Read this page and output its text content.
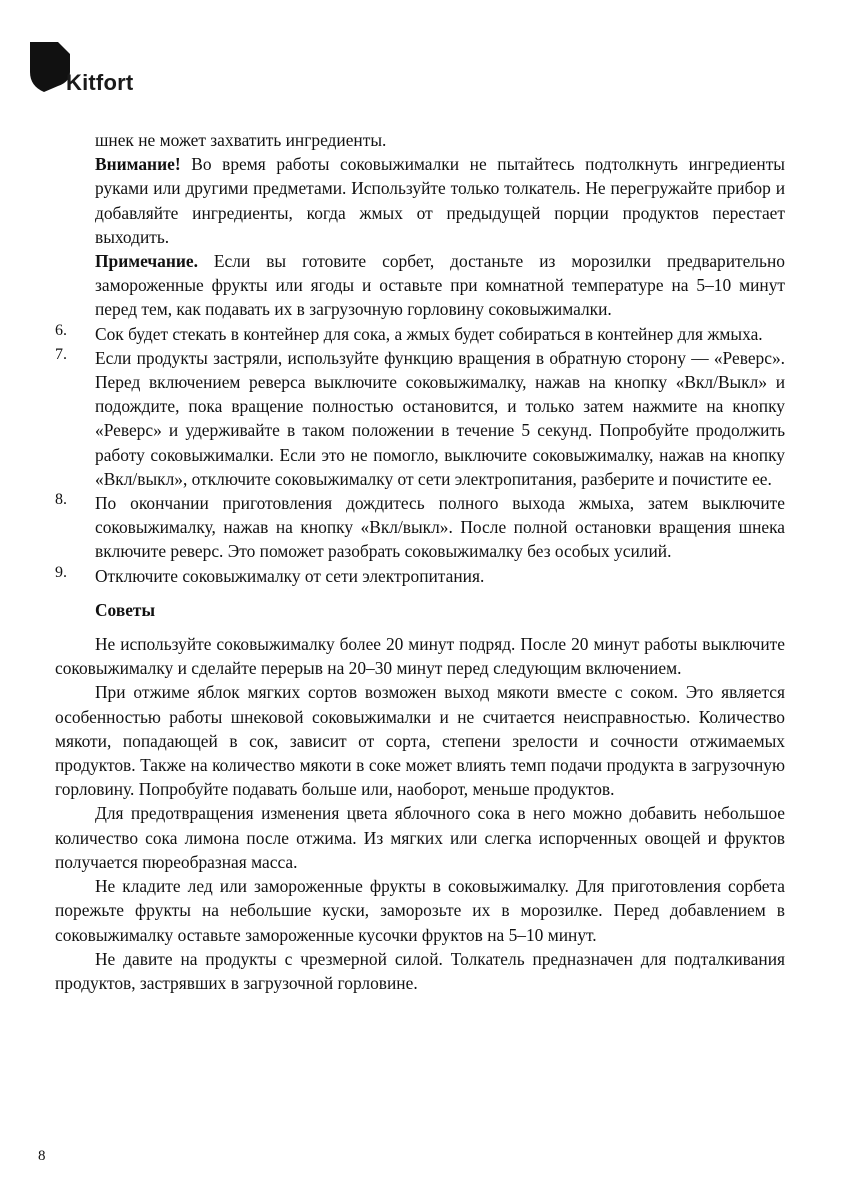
Kitfort

шнек не может захватить ингредиенты.

Внимание! Во время работы соковыжималки не пытайтесь подтолкнуть ингредиенты руками или другими предметами. Используйте только толкатель. Не перегружайте прибор и добавляйте ингредиенты, когда жмых от предыдущей порции продуктов перестает выходить.

Примечание. Если вы готовите сорбет, достаньте из морозилки предварительно замороженные фрукты или ягоды и оставьте при комнатной температуре на 5–10 минут перед тем, как подавать их в загрузочную горловину соковыжималки.

6.	Сок будет стекать в контейнер для сока, а жмых будет собираться в контейнер для жмыха.

7.	Если продукты застряли, используйте функцию вращения в обратную сторону — «Реверс». Перед включением реверса выключите соковыжималку, нажав на кнопку «Вкл/Выкл» и подождите, пока вращение полностью остановится, и только затем нажмите на кнопку «Реверс» и удерживайте в таком положении в течение 5 секунд. Попробуйте продолжить работу соковыжималки. Если это не помогло, выключите соковыжималку, нажав на кнопку «Вкл/выкл», отключите соковыжималку от сети электропитания, разберите и почистите ее.

8.	По окончании приготовления дождитесь полного выхода жмыха, затем выключите соковыжималку, нажав на кнопку «Вкл/выкл». После полной остановки вращения шнека включите реверс. Это поможет разобрать соковыжималку без особых усилий.

9.	Отключите соковыжималку от сети электропитания.

Советы

Не используйте соковыжималку более 20 минут подряд. После 20 минут работы выключите соковыжималку и сделайте перерыв на 20–30 минут перед следующим включением.

При отжиме яблок мягких сортов возможен выход мякоти вместе с соком. Это является особенностью работы шнековой соковыжималки и не считается неисправностью. Количество мякоти, попадающей в сок, зависит от сорта, степени зрелости и сочности отжимаемых продуктов. Также на количество мякоти в соке может влиять темп подачи продукта в загрузочную горловину. Попробуйте подавать больше или, наоборот, меньше продуктов.

Для предотвращения изменения цвета яблочного сока в него можно добавить небольшое количество сока лимона после отжима. Из мягких или слегка испорченных овощей и фруктов получается пюреобразная масса.

Не кладите лед или замороженные фрукты в соковыжималку. Для приготовления сорбета порежьте фрукты на небольшие куски, заморозьте их в морозилке. Перед добавлением в соковыжималку оставьте замороженные кусочки фруктов на 5–10 минут.

Не давите на продукты с чрезмерной силой. Толкатель предназначен для подталкивания продуктов, застрявших в загрузочной горловине.

8
